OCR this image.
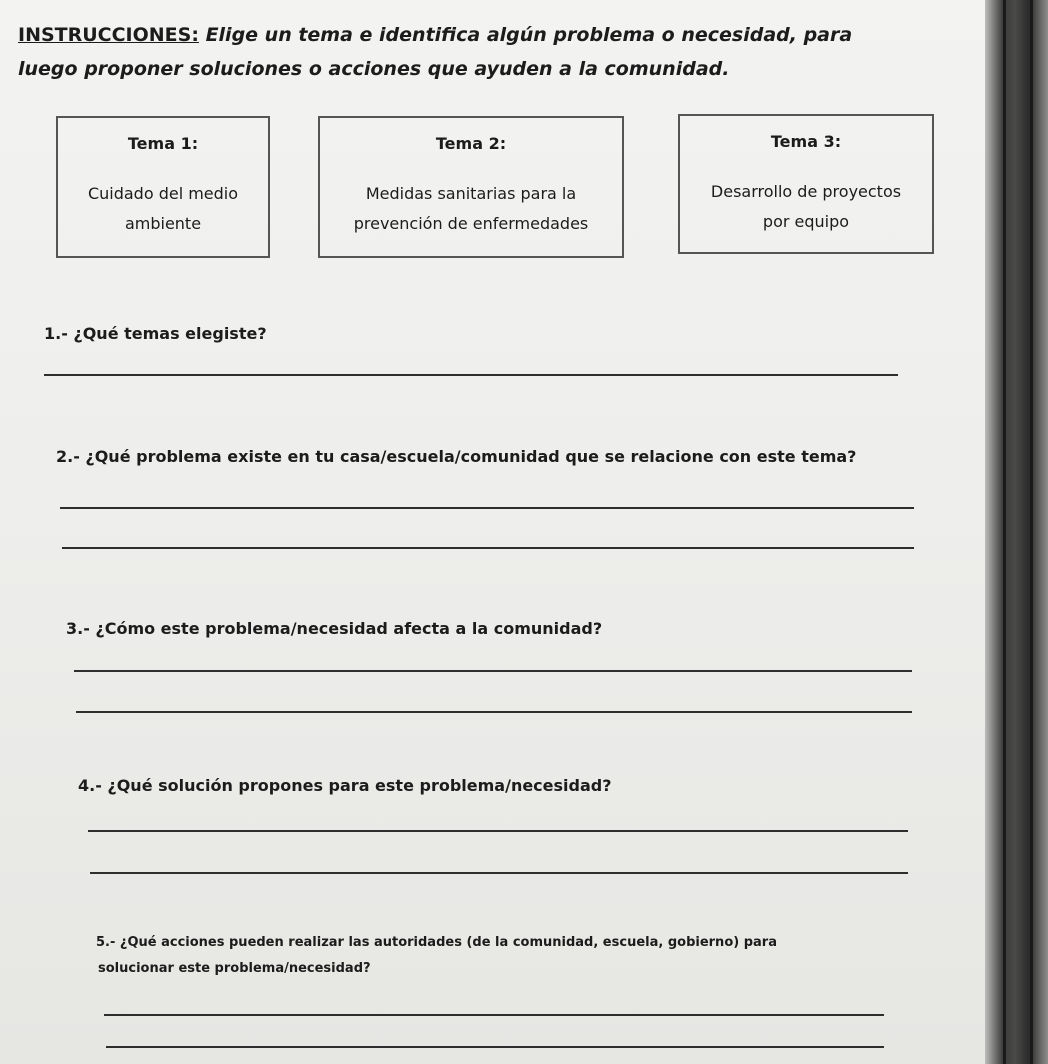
INSTRUCCIONES: Elige un tema e identifica algún problema o necesidad, para luego proponer soluciones o acciones que ayuden a la comunidad.
Tema 1:
Cuidado del medio
ambiente
Tema 2:
Medidas sanitarias para la
prevención de enfermedades
Tema 3:
Desarrollo de proyectos
por equipo
1.- ¿Qué temas elegiste?
2.- ¿Qué problema existe en tu casa/escuela/comunidad que se relacione con este tema?
3.- ¿Cómo este problema/necesidad afecta a la comunidad?
4.- ¿Qué solución propones para este problema/necesidad?
5.- ¿Qué acciones pueden realizar las autoridades (de la comunidad, escuela, gobierno) para
solucionar este problema/necesidad?
